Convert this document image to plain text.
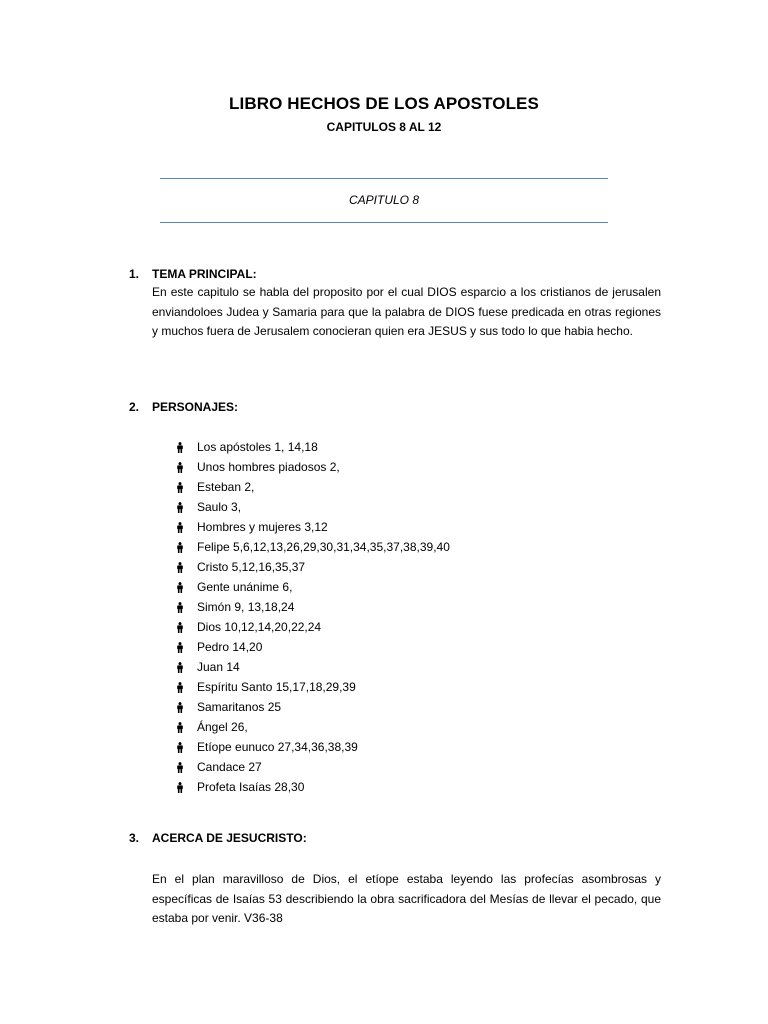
LIBRO HECHOS DE LOS APOSTOLES
CAPITULOS 8 AL 12
CAPITULO 8
1. TEMA PRINCIPAL:
En este capitulo se habla del proposito por el cual DIOS esparcio a los cristianos de jerusalen enviandoloes Judea y Samaria para que la palabra de DIOS fuese predicada en otras regiones y muchos fuera de Jerusalem conocieran quien era JESUS y sus todo lo que habia hecho.
2. PERSONAJES:
Los apóstoles 1, 14,18
Unos hombres piadosos 2,
Esteban 2,
Saulo 3,
Hombres y mujeres 3,12
Felipe 5,6,12,13,26,29,30,31,34,35,37,38,39,40
Cristo 5,12,16,35,37
Gente unánime 6,
Simón 9, 13,18,24
Dios 10,12,14,20,22,24
Pedro 14,20
Juan 14
Espíritu Santo 15,17,18,29,39
Samaritanos 25
Ángel 26,
Etíope eunuco 27,34,36,38,39
Candace 27
Profeta Isaías 28,30
3. ACERCA DE JESUCRISTO:
En el plan maravilloso de Dios, el etíope estaba leyendo las profecías asombrosas y específicas de Isaías 53 describiendo la obra sacrificadora del Mesías de llevar el pecado, que estaba por venir. V36-38
